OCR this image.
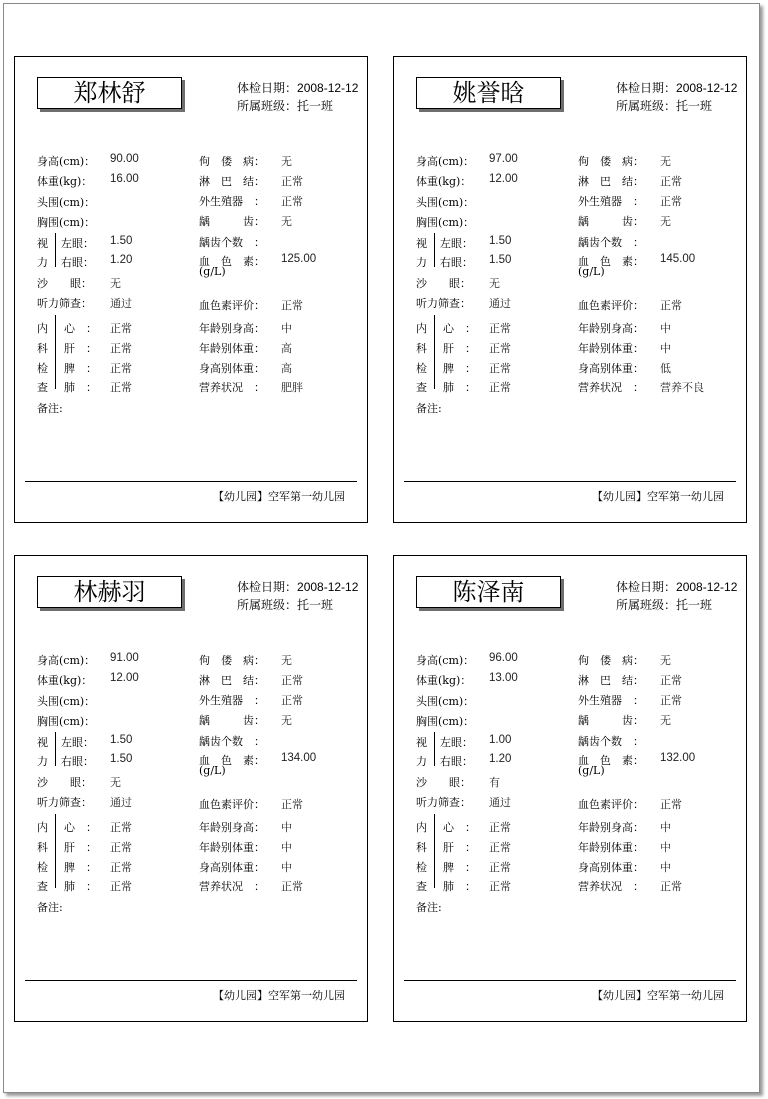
郑林舒	体检日期：2008-12-12
所属班级：托一班
身高(cm)： 90.00
体重(kg)： 16.00
头围(cm)：
胸围(cm)：
视 左眼： 1.50
力 右眼： 1.20
沙　　眼： 无
听力筛查： 通过
内 心　： 正常
科 肝　： 正常
检 脾　： 正常
查 肺　： 正常
备注:
佝　偻　病： 无
淋　巴　结： 正常
外生殖器　： 正常
龋　　　齿： 无
龋齿个数　：
血　色　素： 125.00
(g/L)
血色素评价： 正常
年龄别身高： 中
年龄别体重： 高
身高别体重： 高
营养状况　： 肥胖
【幼儿园】空军第一幼儿园
姚誉晗	体检日期：2008-12-12
所属班级：托一班
身高(cm)： 97.00
体重(kg)： 12.00
头围(cm)：
胸围(cm)：
视 左眼： 1.50
力 右眼： 1.50
沙　　眼： 无
听力筛查： 通过
内 心　： 正常
科 肝　： 正常
检 脾　： 正常
查 肺　： 正常
备注:
佝　偻　病： 无
淋　巴　结： 正常
外生殖器　： 正常
龋　　　齿： 无
龋齿个数　：
血　色　素： 145.00
(g/L)
血色素评价： 正常
年龄别身高： 中
年龄别体重： 中
身高别体重： 低
营养状况　： 营养不良
【幼儿园】空军第一幼儿园
林赫羽	体检日期：2008-12-12
所属班级：托一班
身高(cm)： 91.00
体重(kg)： 12.00
头围(cm)：
胸围(cm)：
视 左眼： 1.50
力 右眼： 1.50
沙　　眼： 无
听力筛查： 通过
内 心　： 正常
科 肝　： 正常
检 脾　： 正常
查 肺　： 正常
备注:
佝　偻　病： 无
淋　巴　结： 正常
外生殖器　： 正常
龋　　　齿： 无
龋齿个数　：
血　色　素： 134.00
(g/L)
血色素评价： 正常
年龄别身高： 中
年龄别体重： 中
身高别体重： 中
营养状况　： 正常
【幼儿园】空军第一幼儿园
陈泽南	体检日期：2008-12-12
所属班级：托一班
身高(cm)： 96.00
体重(kg)： 13.00
头围(cm)：
胸围(cm)：
视 左眼： 1.00
力 右眼： 1.20
沙　　眼： 有
听力筛查： 通过
内 心　： 正常
科 肝　： 正常
检 脾　： 正常
查 肺　： 正常
备注:
佝　偻　病： 无
淋　巴　结： 正常
外生殖器　： 正常
龋　　　齿： 无
龋齿个数　：
血　色　素： 132.00
(g/L)
血色素评价： 正常
年龄别身高： 中
年龄别体重： 中
身高别体重： 中
营养状况　： 正常
【幼儿园】空军第一幼儿园
